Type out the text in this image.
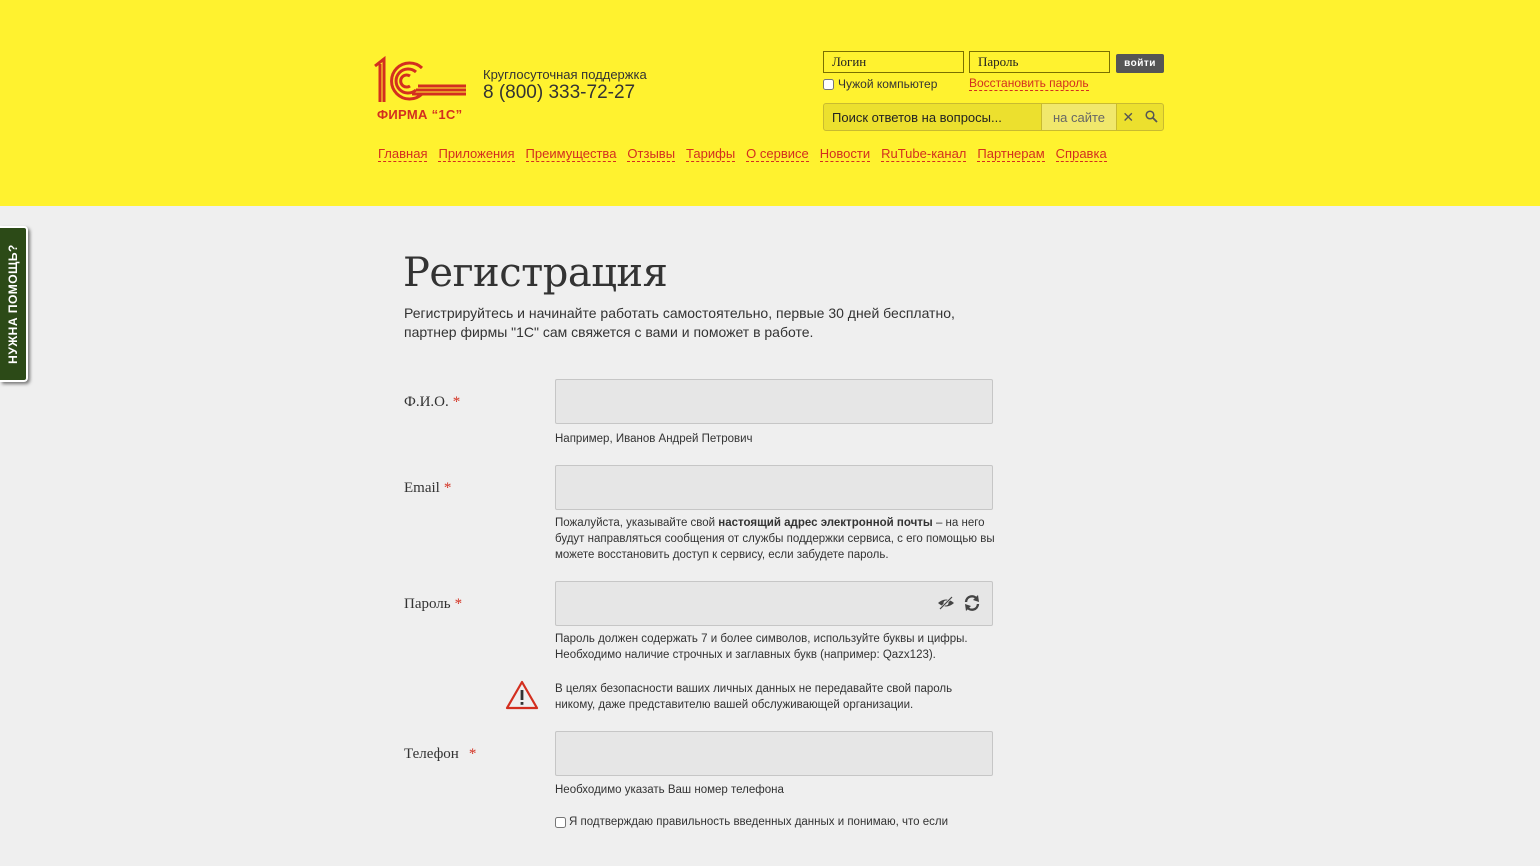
ФИРМА “1С”
Круглосуточная поддержка
8 (800) 333-72-27
Логин
войти
Чужой компьютер	Восстановить пароль
Поиск ответов на вопросы...
на сайте	✕
Главная Приложения Преимущества Отзывы Тарифы О сервисе Новости RuTube-канал Партнерам Справка
НУЖНА ПОМОЩЬ?	Регистрация
Регистрируйтесь и начинайте работать самостоятельно, первые 30 дней бесплатно,
партнер фирмы "1С" сам свяжется с вами и поможет в работе.
Ф.И.О. *
Например, Иванов Андрей Петрович
Email *
Пожалуйста, указывайте свой настоящий адрес электронной почты – на него будут направляться сообщения от службы поддержки сервиса, с его помощью вы можете восстановить доступ к сервису, если забудете пароль.
Пароль *
Пароль должен содержать 7 и более символов, используйте буквы и цифры.
Необходимо наличие строчных и заглавных букв (например: Qazx123).
В целях безопасности ваших личных данных не передавайте свой пароль никому, даже представителю вашей обслуживающей организации.
Телефон *
Необходимо указать Ваш номер телефона
Я подтверждаю правильность введенных данных и понимаю, что если
